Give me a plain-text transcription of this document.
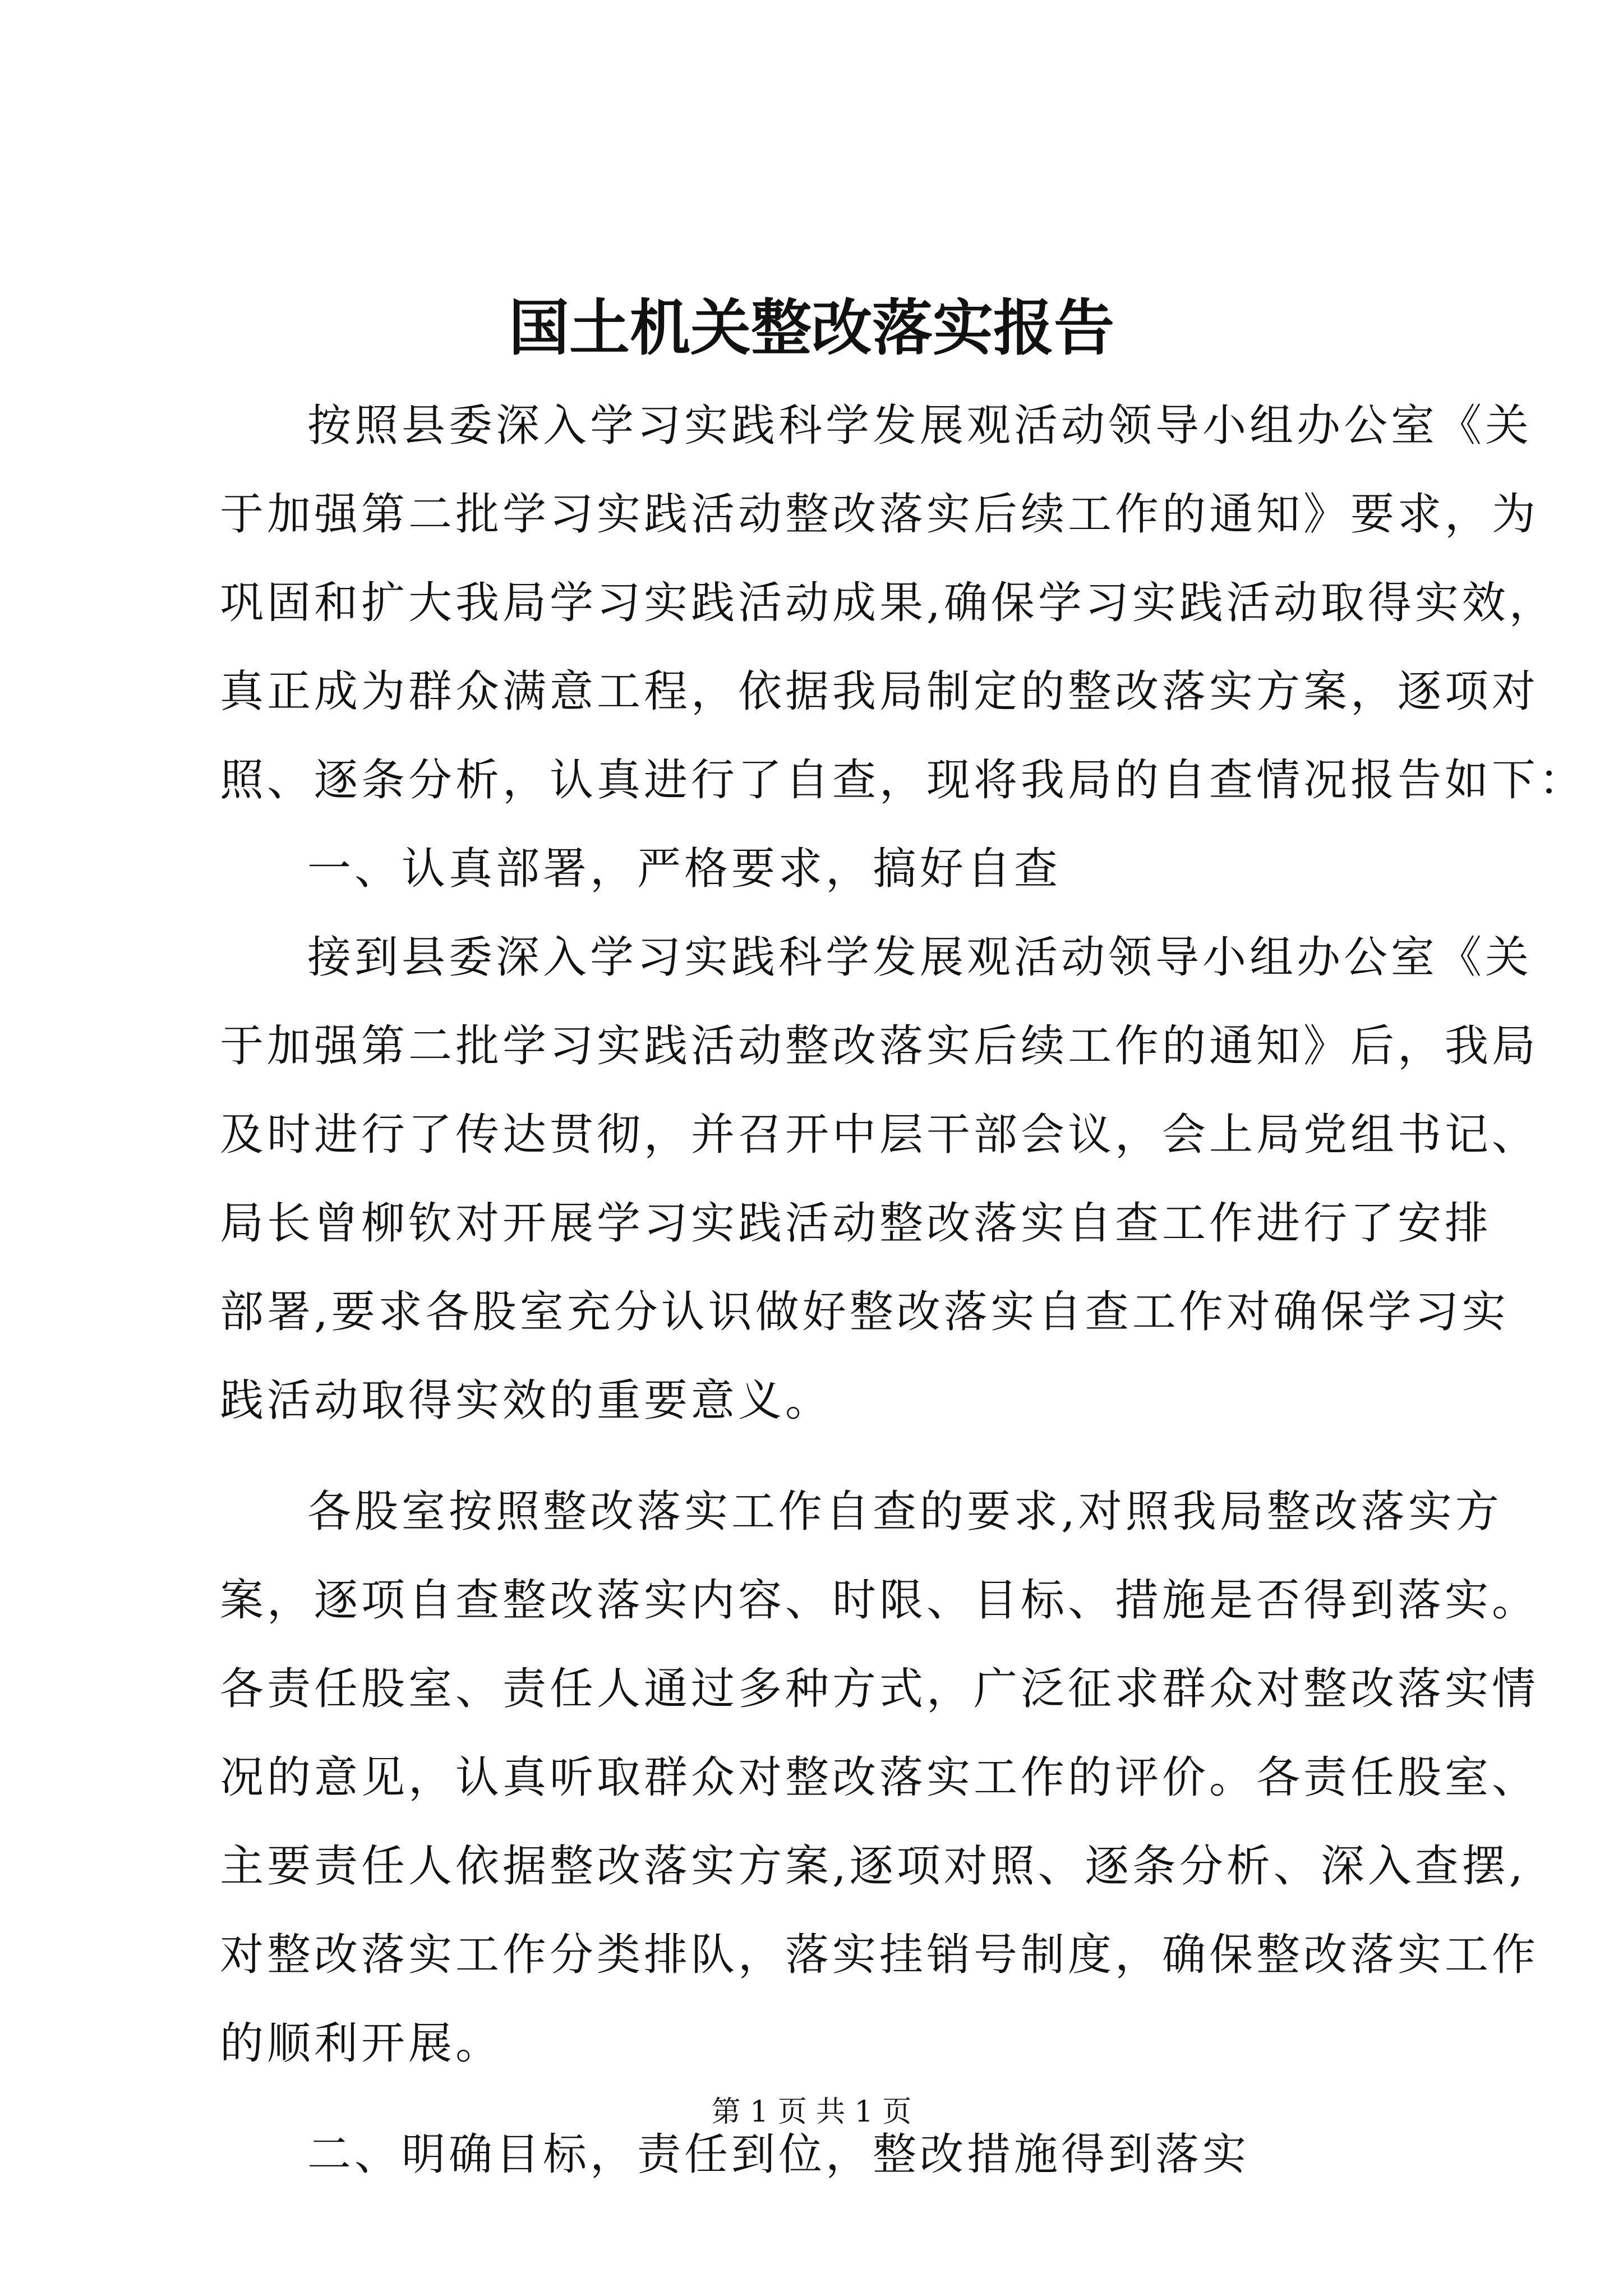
国土机关整改落实报告
按照县委深入学习实践科学发展观活动领导小组办公室《关
于加强第二批学习实践活动整改落实后续工作的通知》要求，为
巩固和扩大我局学习实践活动成果,确保学习实践活动取得实效，
真正成为群众满意工程，依据我局制定的整改落实方案，逐项对
照、逐条分析，认真进行了自查，现将我局的自查情况报告如下：
一、认真部署，严格要求，搞好自查
接到县委深入学习实践科学发展观活动领导小组办公室《关
于加强第二批学习实践活动整改落实后续工作的通知》后，我局
及时进行了传达贯彻，并召开中层干部会议，会上局党组书记、
局长曾柳钦对开展学习实践活动整改落实自查工作进行了安排
部署,要求各股室充分认识做好整改落实自查工作对确保学习实
践活动取得实效的重要意义。
各股室按照整改落实工作自查的要求,对照我局整改落实方
案，逐项自查整改落实内容、时限、目标、措施是否得到落实。
各责任股室、责任人通过多种方式，广泛征求群众对整改落实情
况的意见，认真听取群众对整改落实工作的评价。各责任股室、
主要责任人依据整改落实方案,逐项对照、逐条分析、深入查摆,
对整改落实工作分类排队，落实挂销号制度，确保整改落实工作
的顺利开展。
二、明确目标，责任到位，整改措施得到落实
第 1 页 共 1 页
